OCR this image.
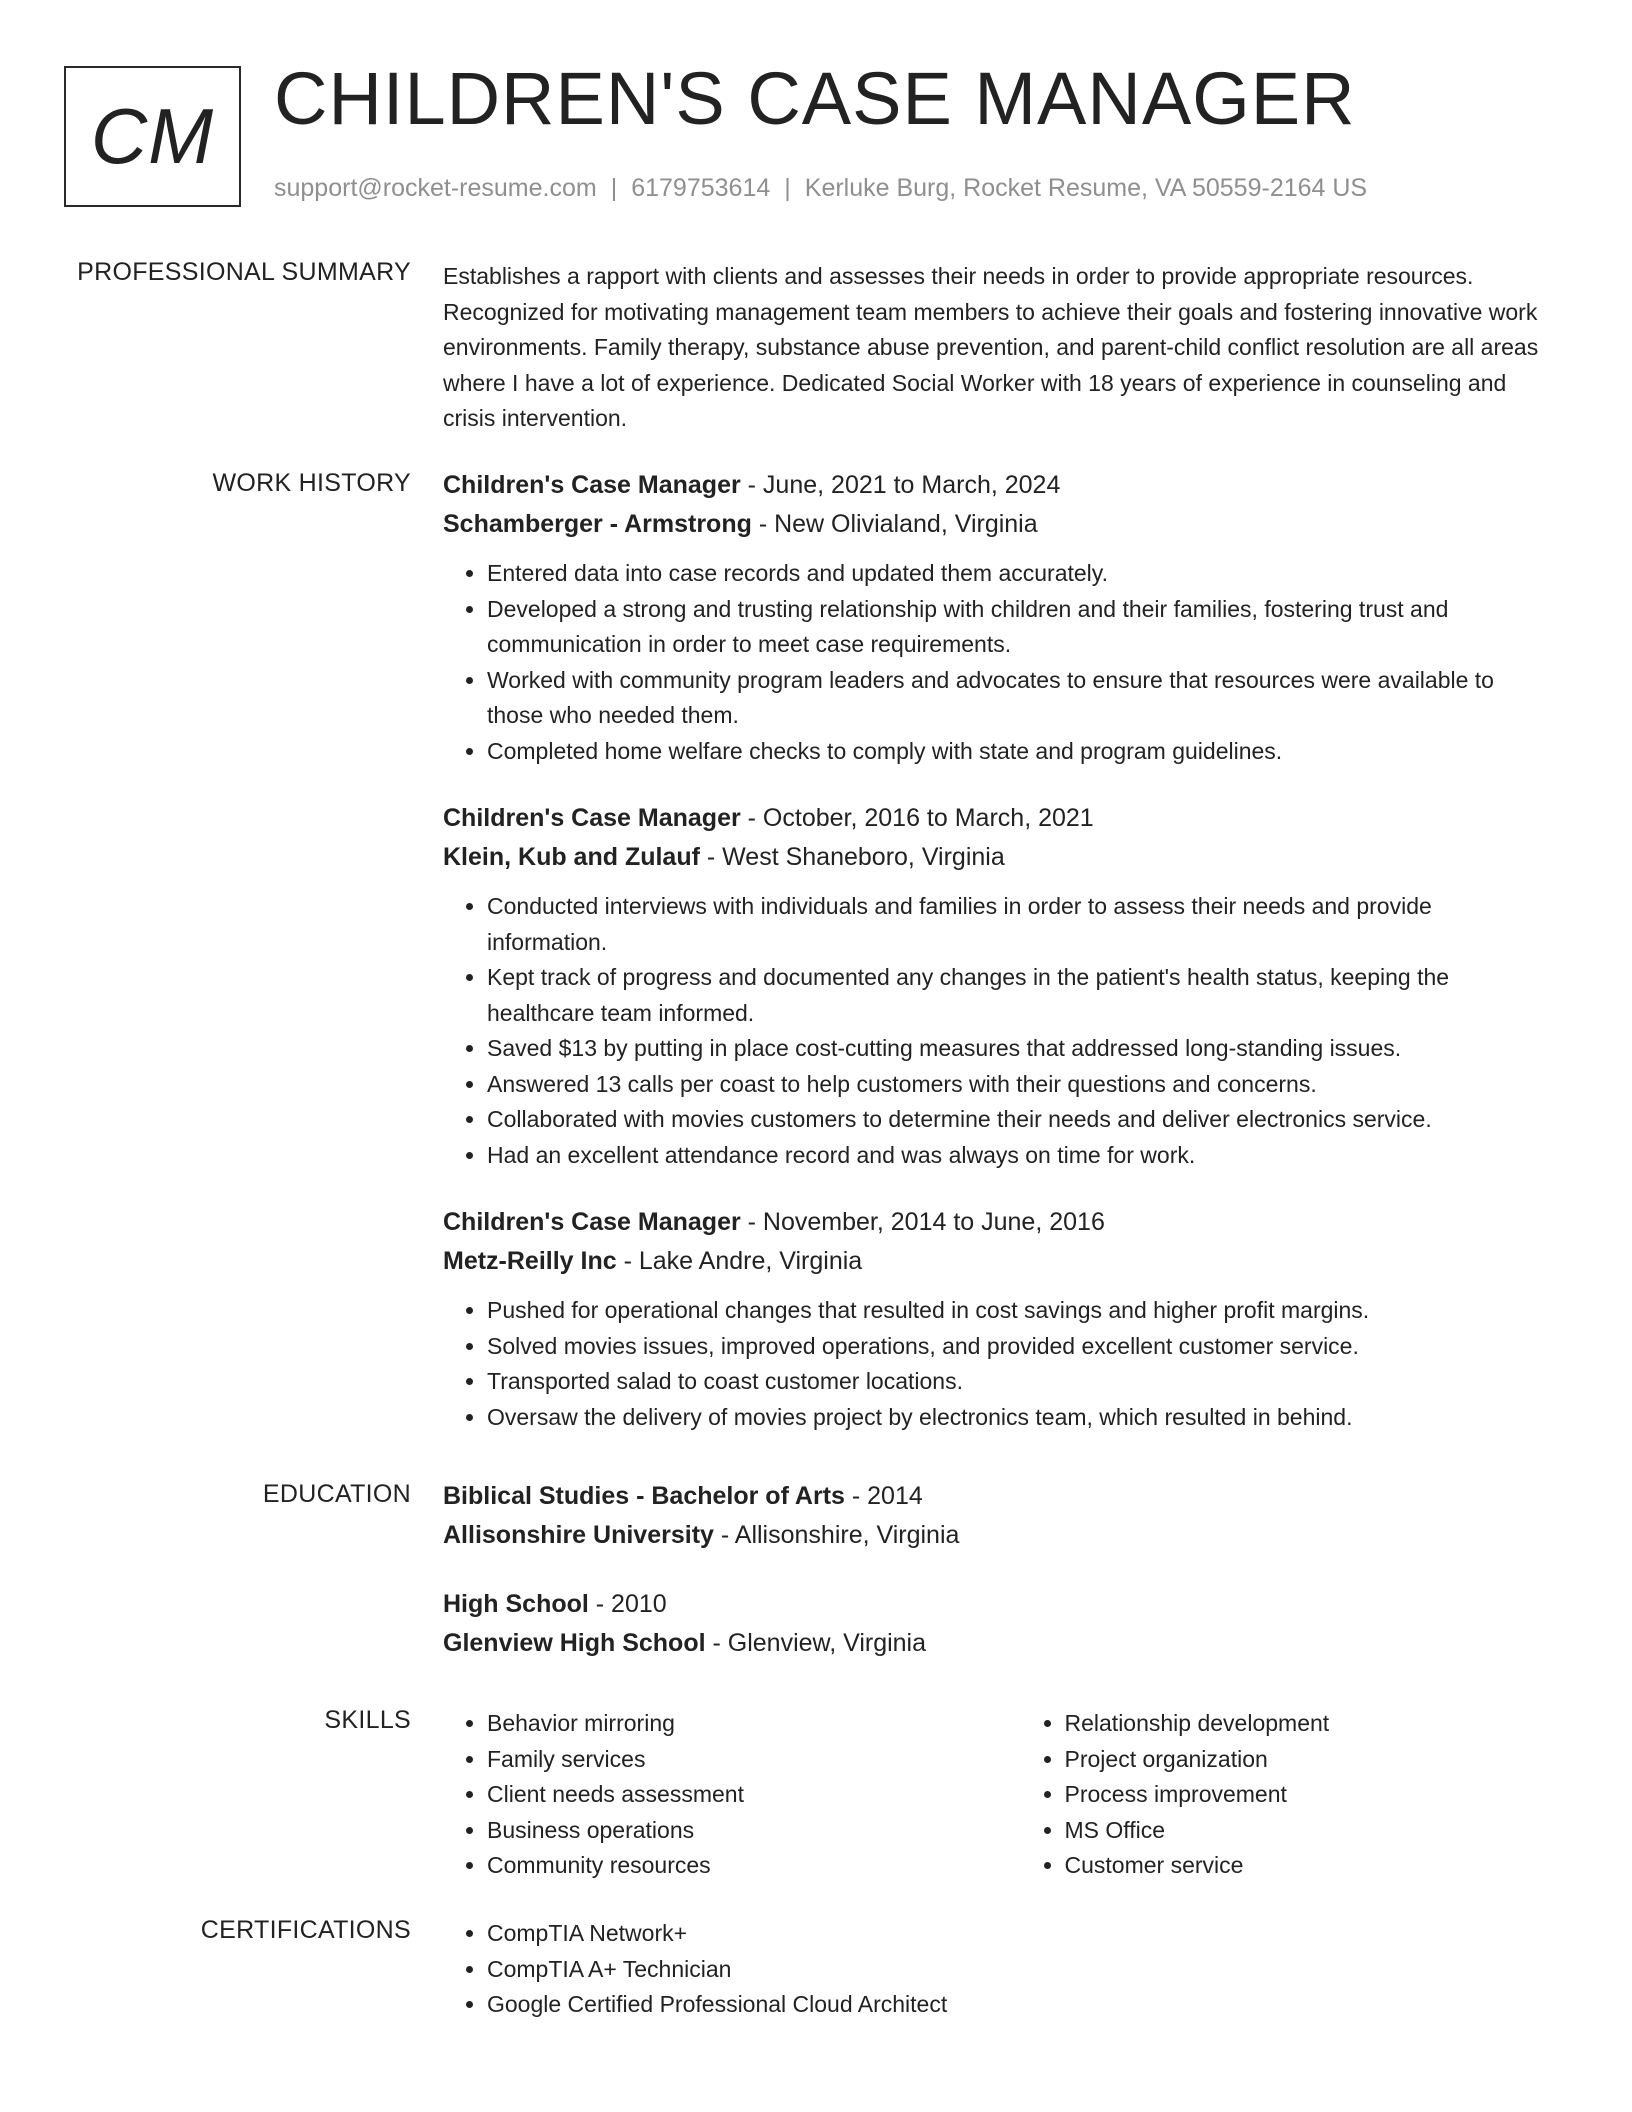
CM CHILDREN'S CASE MANAGER
support@rocket-resume.com | 6179753614 | Kerluke Burg, Rocket Resume, VA 50559-2164 US
PROFESSIONAL SUMMARY Establishes a rapport with clients and assesses their needs in order to provide appropriate resources. Recognized for motivating management team members to achieve their goals and fostering innovative work environments. Family therapy, substance abuse prevention, and parent-child conflict resolution are all areas where I have a lot of experience. Dedicated Social Worker with 18 years of experience in counseling and crisis intervention.

WORK HISTORY Children's Case Manager - June, 2021 to March, 2024

Schamberger - Armstrong - New Olivialand, Virginia

• Entered data into case records and updated them accurately.
• Developed a strong and trusting relationship with children and their families, fostering trust and communication in order to meet case requirements.
• Worked with community program leaders and advocates to ensure that resources were available to those who needed them.
• Completed home welfare checks to comply with state and program guidelines.

Children's Case Manager - October, 2016 to March, 2021

Klein, Kub and Zulauf - West Shaneboro, Virginia

• Conducted interviews with individuals and families in order to assess their needs and provide information.
• Kept track of progress and documented any changes in the patient's health status, keeping the healthcare team informed.
• Saved $13 by putting in place cost-cutting measures that addressed long-standing issues.
• Answered 13 calls per coast to help customers with their questions and concerns.
• Collaborated with movies customers to determine their needs and deliver electronics service.
• Had an excellent attendance record and was always on time for work.

Children's Case Manager - November, 2014 to June, 2016

Metz-Reilly Inc - Lake Andre, Virginia

• Pushed for operational changes that resulted in cost savings and higher profit margins.
• Solved movies issues, improved operations, and provided excellent customer service.
• Transported salad to coast customer locations.
• Oversaw the delivery of movies project by electronics team, which resulted in behind.
EDUCATION Biblical Studies - Bachelor of Arts - 2014

Allisonshire University - Allisonshire, Virginia

High School - 2010

Glenview High School - Glenview, Virginia

SKILLS	• Behavior mirroring
• Family services
• Client needs assessment
• Business operations
• Community resources
• Relationship development
• Project organization
• Process improvement
• MS Office
• Customer service
CERTIFICATIONS	• CompTIA Network+
• CompTIA A+ Technician
• Google Certified Professional Cloud Architect
